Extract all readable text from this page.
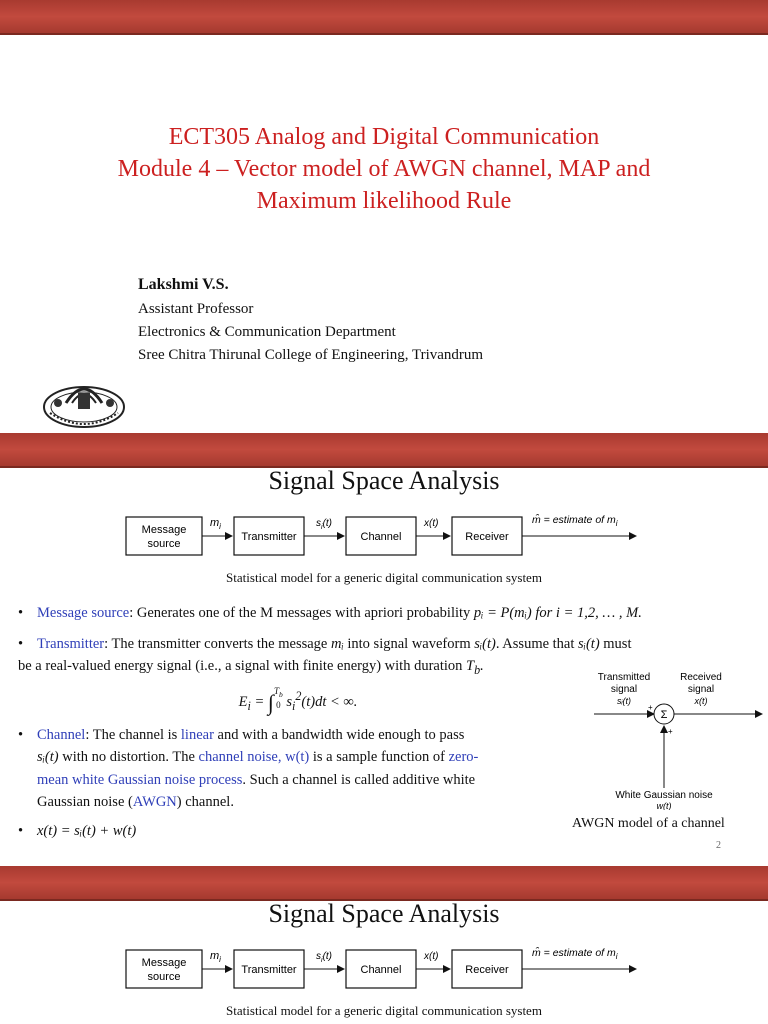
ECT305 Analog and Digital Communication

Module 4 – Vector model of AWGN channel, MAP and

Maximum likelihood Rule

Lakshmi V.S.
Assistant Professor
Electronics & Communication Department
Sree Chitra Thirunal College of Engineering, Trivandrum
Signal Space Analysis
Message
source
$m_i$
Transmitter
$s_i(t)$
Channel
x(t)
Receiver
m̂ = estimate of $m_i$
Statistical model for a generic digital communication system
• Message source: Generates one of the M messages with apriori probability pᵢ = P(mᵢ) for i = 1,2, … , M.
• Transmitter: The transmitter converts the message mᵢ into signal waveform sᵢ(t). Assume that sᵢ(t) must
be a real-valued energy signal (i.e., a signal with finite energy) with duration $T_b$.
$E_i = \int T_b$
0 $s_i^2(t)dt$ < ∞.
• Channel: The channel is linear and with a bandwidth wide enough to pass
sᵢ(t) with no distortion. The channel noise, w(t) is a sample function of zero-
mean white Gaussian noise process. Such a channel is called additive white
Gaussian noise (AWGN) channel.
• x(t) = sᵢ(t) + w(t)
Transmitted
signal
sᵢ(t)
Received
signal
x(t)
Σ
+
+
White Gaussian noise
w(t)
AWGN model of a channel
2
Signal Space Analysis
Message
source
$m_i$
Transmitter
$s_i(t)$
Channel
x(t)
Receiver
m̂ = estimate of $m_i$
Statistical model for a generic digital communication system
